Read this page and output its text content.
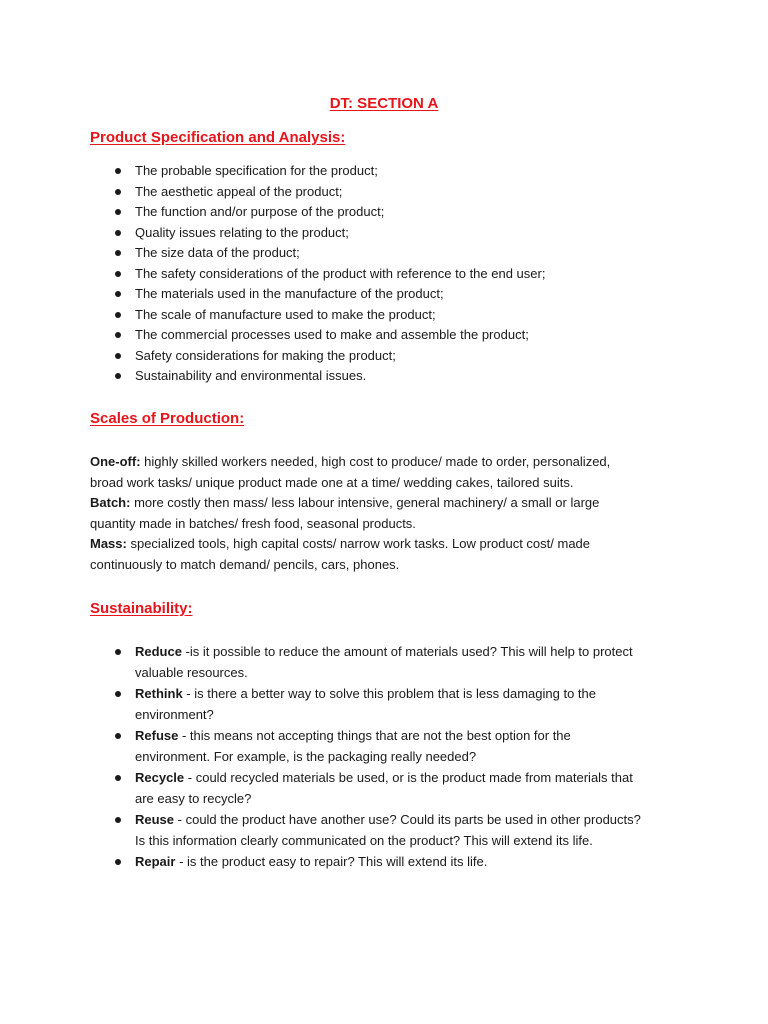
DT: SECTION A
Product Specification and Analysis:
The probable specification for the product;
The aesthetic appeal of the product;
The function and/or purpose of the product;
Quality issues relating to the product;
The size data of the product;
The safety considerations of the product with reference to the end user;
The materials used in the manufacture of the product;
The scale of manufacture used to make the product;
The commercial processes used to make and assemble the product;
Safety considerations for making the product;
Sustainability and environmental issues.
Scales of Production:
One-off: highly skilled workers needed, high cost to produce/ made to order, personalized,
broad work tasks/ unique product made one at a time/ wedding cakes, tailored suits.
Batch: more costly then mass/ less labour intensive, general machinery/ a small or large
quantity made in batches/ fresh food, seasonal products.
Mass: specialized tools, high capital costs/ narrow work tasks. Low product cost/ made
continuously to match demand/ pencils, cars, phones.
Sustainability:
Reduce -is it possible to reduce the amount of materials used? This will help to protect
valuable resources.
Rethink - is there a better way to solve this problem that is less damaging to the
environment?
Refuse - this means not accepting things that are not the best option for the
environment. For example, is the packaging really needed?
Recycle - could recycled materials be used, or is the product made from materials that
are easy to recycle?
Reuse - could the product have another use? Could its parts be used in other products?
Is this information clearly communicated on the product? This will extend its life.
Repair - is the product easy to repair? This will extend its life.
